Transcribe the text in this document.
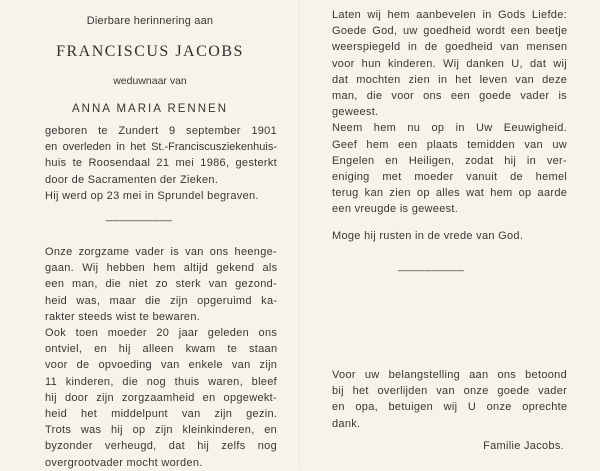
Dierbare herinnering aan
FRANCISCUS JACOBS
weduwnaar van
ANNA MARIA RENNEN
geboren te Zundert 9 september 1901
en overleden in het St.-Franciscusziekenhuis-
huis te Roosendaal 21 mei 1986, gesterkt
door de Sacramenten der Zieken.
Hij werd op 23 mei in Sprundel begraven.
__________
Onze zorgzame vader is van ons heenge-
gaan. Wij hebben hem altijd gekend als
een man, die niet zo sterk van gezond-
heid was, maar die zijn opgeruimd ka-
rakter steeds wist te bewaren.
Ook toen moeder 20 jaar geleden ons
ontviel, en hij alleen kwam te staan
voor de opvoeding van enkele van zijn
11 kinderen, die nog thuis waren, bleef
hij door zijn zorgzaamheid en opgewekt-
heid het middelpunt van zijn gezin.
Trots was hij op zijn kleinkinderen, en
byzonder verheugd, dat hij zelfs nog
overgrootvader mocht worden.
Laten wij hem aanbevelen in Gods Liefde:
Goede God, uw goedheid wordt een beetje
weerspiegeld in de goedheid van mensen
voor hun kinderen. Wij danken U, dat wij
dat mochten zien in het leven van deze
man, die voor ons een goede vader is
geweest.
Neem hem nu op in Uw Eeuwigheid.
Geef hem een plaats temidden van uw
Engelen en Heiligen, zodat hij in ver-
eniging met moeder vanuit de hemel
terug kan zien op alles wat hem op aarde
een vreugde is geweest.
Moge hij rusten in de vrede van God.
__________
Voor uw belangstelling aan ons betoond
bij het overlijden van onze goede vader
en opa, betuigen wij U onze oprechte
dank.
Familie Jacobs.
